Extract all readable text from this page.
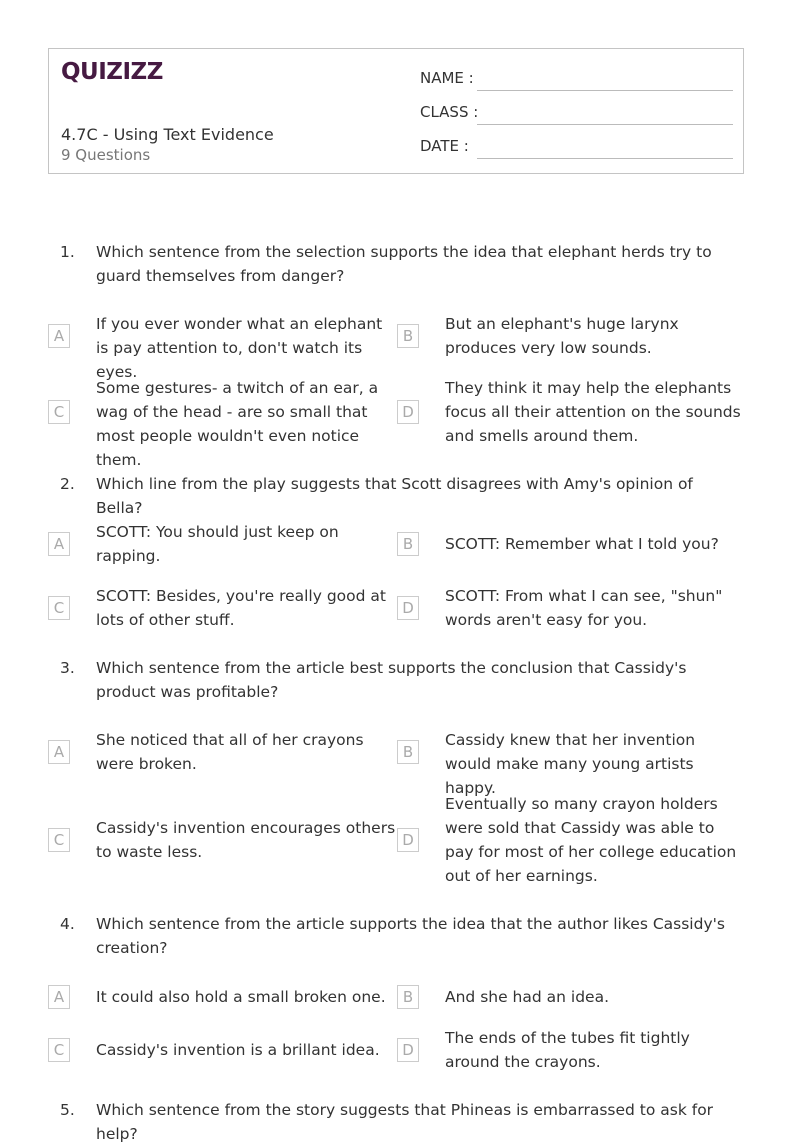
QUIZIZZ
4.7C - Using Text Evidence
9 Questions
NAME :
CLASS :
DATE :
1. Which sentence from the selection supports the idea that elephant herds try to guard themselves from danger?
A
If you ever wonder what an elephant is pay attention to, don't watch its eyes.
B
But an elephant's huge larynx produces very low sounds.
C
Some gestures- a twitch of an ear, a wag of the head - are so small that most people wouldn't even notice them.
D
They think it may help the elephants focus all their attention on the sounds and smells around them.
2. Which line from the play suggests that Scott disagrees with Amy's opinion of Bella?
A
SCOTT: You should just keep on rapping.
B	SCOTT: Remember what I told you?
C
SCOTT: Besides, you're really good at lots of other stuff.
D
SCOTT: From what I can see, "shun" words aren't easy for you.
3. Which sentence from the article best supports the conclusion that Cassidy's product was profitable?
A
She noticed that all of her crayons were broken.
B
Cassidy knew that her invention would make many young artists happy.
C
Cassidy's invention encourages others to waste less.
D
Eventually so many crayon holders were sold that Cassidy was able to pay for most of her college education out of her earnings.
4. Which sentence from the article supports the idea that the author likes Cassidy's creation?
A	It could also hold a small broken one.	B	And she had an idea.
C	Cassidy's invention is a brillant idea.	D
The ends of the tubes fit tightly around the crayons.
5. Which sentence from the story suggests that Phineas is embarrassed to ask for help?
